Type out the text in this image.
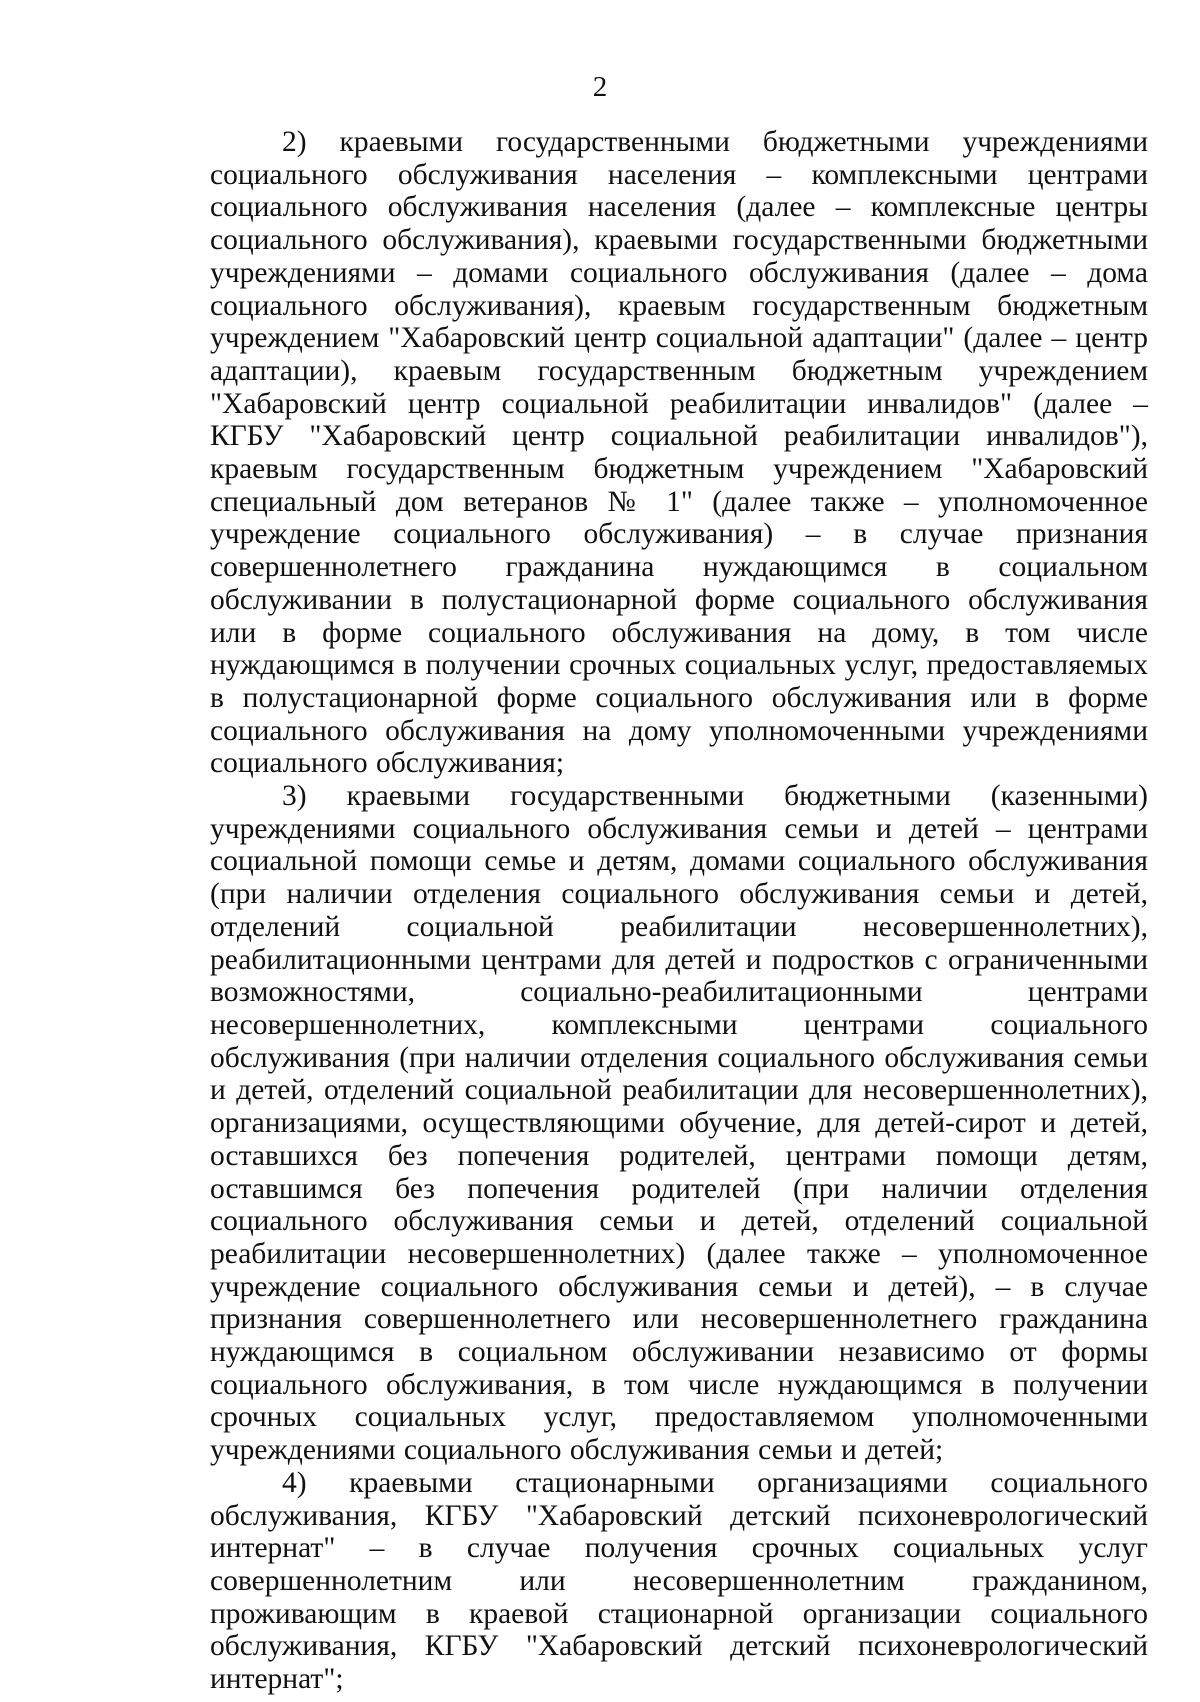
2

2) краевыми государственными бюджетными учреждениями социального обслуживания населения – комплексными центрами социального обслуживания населения (далее – комплексные центры социального обслуживания), краевыми государственными бюджетными учреждениями – домами социального обслуживания (далее – дома социального обслуживания), краевым государственным бюджетным учреждением "Хабаровский центр социальной адаптации" (далее – центр адаптации), краевым государственным бюджетным учреждением "Хабаровский центр социальной реабилитации инвалидов" (далее – КГБУ "Хабаровский центр социальной реабилитации инвалидов"), краевым государственным бюджетным учреждением "Хабаровский специальный дом ветеранов № 1" (далее также – уполномоченное учреждение социального обслуживания) – в случае признания совершеннолетнего гражданина нуждающимся в социальном обслуживании в полустационарной форме социального обслуживания или в форме социального обслуживания на дому, в том числе нуждающимся в получении срочных социальных услуг, предоставляемых в полустационарной форме социального обслуживания или в форме социального обслуживания на дому уполномоченными учреждениями социального обслуживания;

3) краевыми государственными бюджетными (казенными) учреждениями социального обслуживания семьи и детей – центрами социальной помощи семье и детям, домами социального обслуживания (при наличии отделения социального обслуживания семьи и детей, отделений социальной реабилитации несовершеннолетних), реабилитационными центрами для детей и подростков с ограниченными возможностями, социально-реабилитационными центрами несовершеннолетних, комплексными центрами социального обслуживания (при наличии отделения социального обслуживания семьи и детей, отделений социальной реабилитации для несовершеннолетних), организациями, осуществляющими обучение, для детей-сирот и детей, оставшихся без попечения родителей, центрами помощи детям, оставшимся без попечения родителей (при наличии отделения социального обслуживания семьи и детей, отделений социальной реабилитации несовершеннолетних) (далее также – уполномоченное учреждение социального обслуживания семьи и детей), – в случае признания совершеннолетнего или несовершеннолетнего гражданина нуждающимся в социальном обслуживании независимо от формы социального обслуживания, в том числе нуждающимся в получении срочных социальных услуг, предоставляемом уполномоченными учреждениями социального обслуживания семьи и детей;

4) краевыми стационарными организациями социального обслуживания, КГБУ "Хабаровский детский психоневрологический интернат" – в случае получения срочных социальных услуг совершеннолетним или несовершеннолетним гражданином, проживающим в краевой стационарной организации социального обслуживания, КГБУ "Хабаровский детский психоневрологический интернат";
